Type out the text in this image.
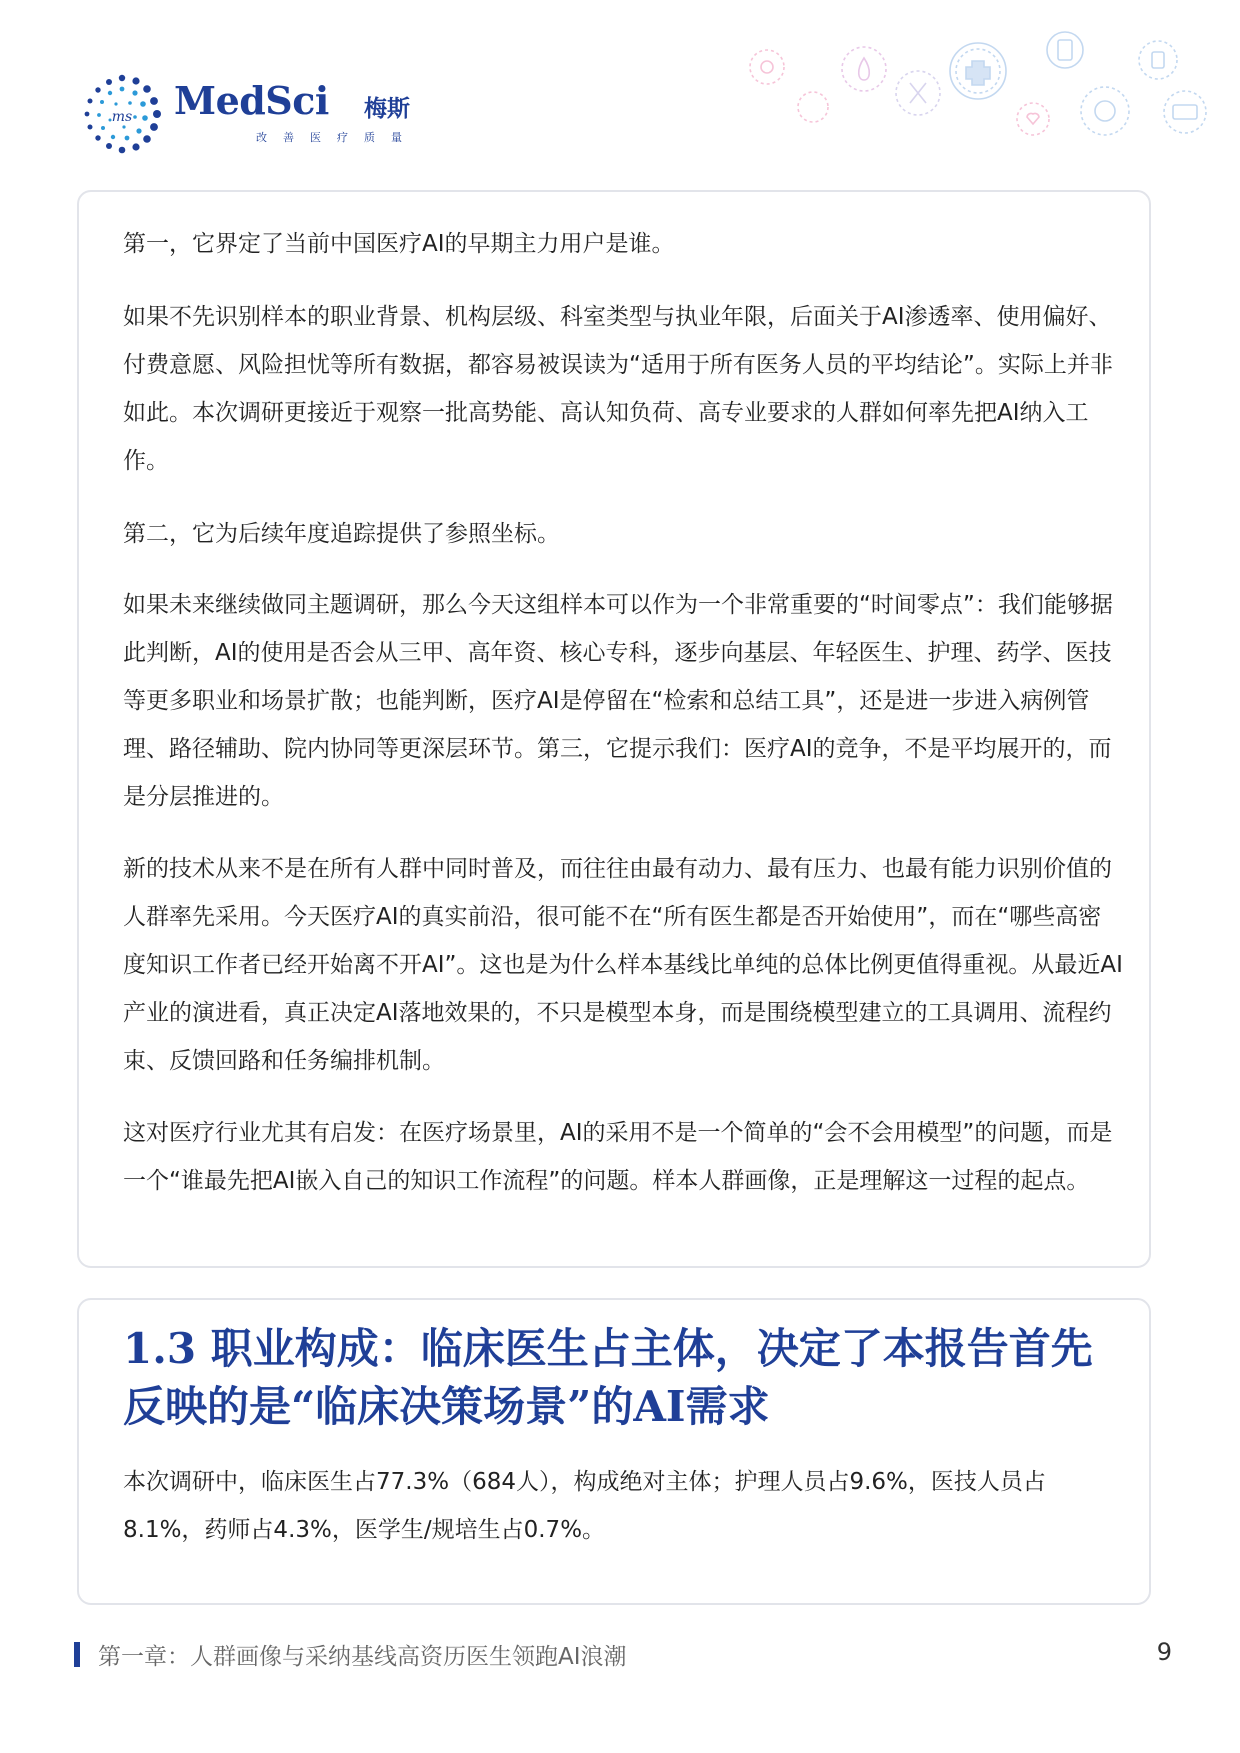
ms MedSci 梅斯
改善医疗质量

第一，它界定了当前中国医疗AI的早期主力用户是谁。

如果不先识别样本的职业背景、机构层级、科室类型与执业年限，后面关于AI渗透率、使用偏好、付费意愿、风险担忧等所有数据，都容易被误读为“适用于所有医务人员的平均结论”。实际上并非如此。本次调研更接近于观察一批高势能、高认知负荷、高专业要求的人群如何率先把AI纳入工作。

第二，它为后续年度追踪提供了参照坐标。

如果未来继续做同主题调研，那么今天这组样本可以作为一个非常重要的“时间零点”：我们能够据此判断，AI的使用是否会从三甲、高年资、核心专科，逐步向基层、年轻医生、护理、药学、医技等更多职业和场景扩散；也能判断，医疗AI是停留在“检索和总结工具”，还是进一步进入病例管理、路径辅助、院内协同等更深层环节。第三，它提示我们：医疗AI的竞争，不是平均展开的，而是分层推进的。

新的技术从来不是在所有人群中同时普及，而往往由最有动力、最有压力、也最有能力识别价值的人群率先采用。今天医疗AI的真实前沿，很可能不在“所有医生都是否开始使用”，而在“哪些高密度知识工作者已经开始离不开AI”。这也是为什么样本基线比单纯的总体比例更值得重视。从最近AI产业的演进看，真正决定AI落地效果的，不只是模型本身，而是围绕模型建立的工具调用、流程约束、反馈回路和任务编排机制。

这对医疗行业尤其有启发：在医疗场景里，AI的采用不是一个简单的“会不会用模型”的问题，而是一个“谁最先把AI嵌入自己的知识工作流程”的问题。样本人群画像，正是理解这一过程的起点。

1.3 职业构成：临床医生占主体，决定了本报告首先反映的是“临床决策场景”的AI需求

本次调研中，临床医生占77.3%（684人），构成绝对主体；护理人员占9.6%，医技人员占8.1%，药师占4.3%，医学生/规培生占0.7%。

第一章：人群画像与采纳基线高资历医生领跑AI浪潮	9
